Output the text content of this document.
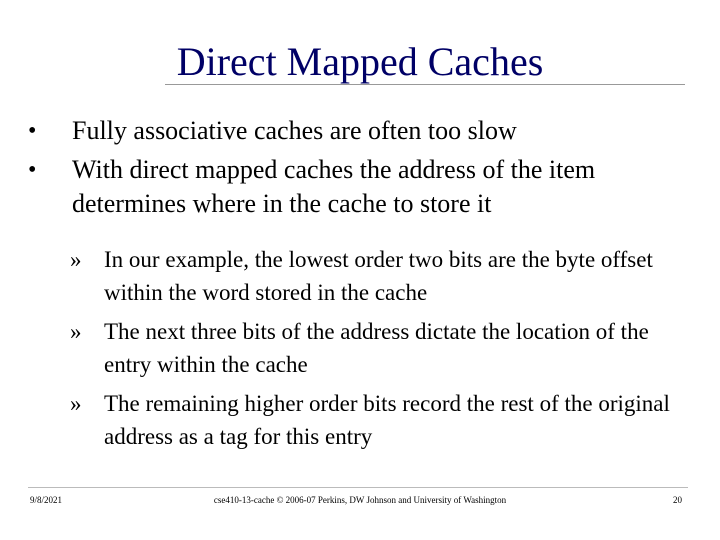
Direct Mapped Caches
•	Fully associative caches are often too slow
•	With direct mapped caches the address of the item determines where in the cache to store it
» In our example, the lowest order two bits are the byte offset within the word stored in the cache
» The next three bits of the address dictate the location of the entry within the cache
» The remaining higher order bits record the rest of the original address as a tag for this entry
9/8/2021	cse410-13-cache © 2006-07 Perkins, DW Johnson and University of Washington	20
